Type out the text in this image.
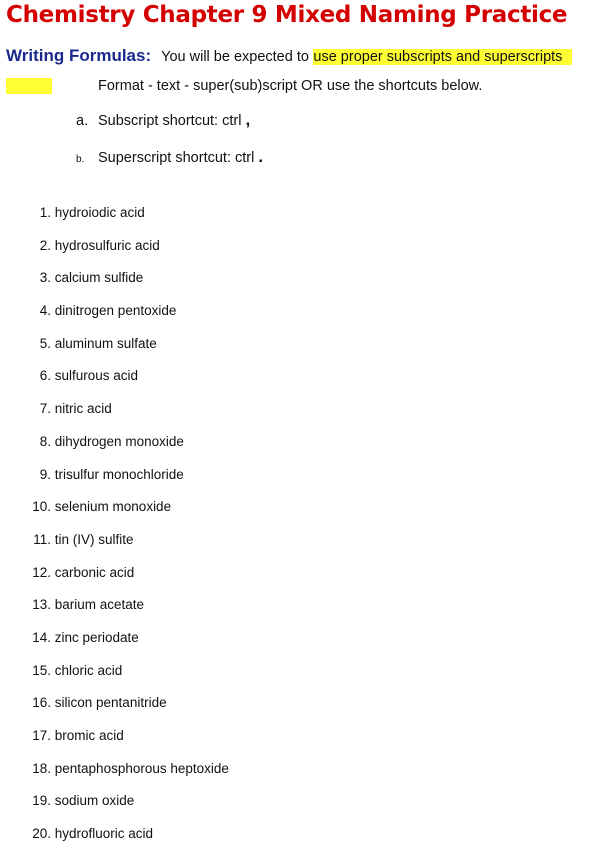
Chemistry Chapter 9 Mixed Naming Practice
Writing Formulas: You will be expected to use proper subscripts and superscripts
Format - text - super(sub)script OR use the shortcuts below.
a. Subscript shortcut: ctrl ,
b. Superscript shortcut: ctrl .
1. hydroiodic acid
2. hydrosulfuric acid
3. calcium sulfide
4. dinitrogen pentoxide
5. aluminum sulfate
6. sulfurous acid
7. nitric acid
8. dihydrogen monoxide
9. trisulfur monochloride
10. selenium monoxide
11. tin (IV) sulfite
12. carbonic acid
13. barium acetate
14. zinc periodate
15. chloric acid
16. silicon pentanitride
17. bromic acid
18. pentaphosphorous heptoxide
19. sodium oxide
20. hydrofluoric acid
